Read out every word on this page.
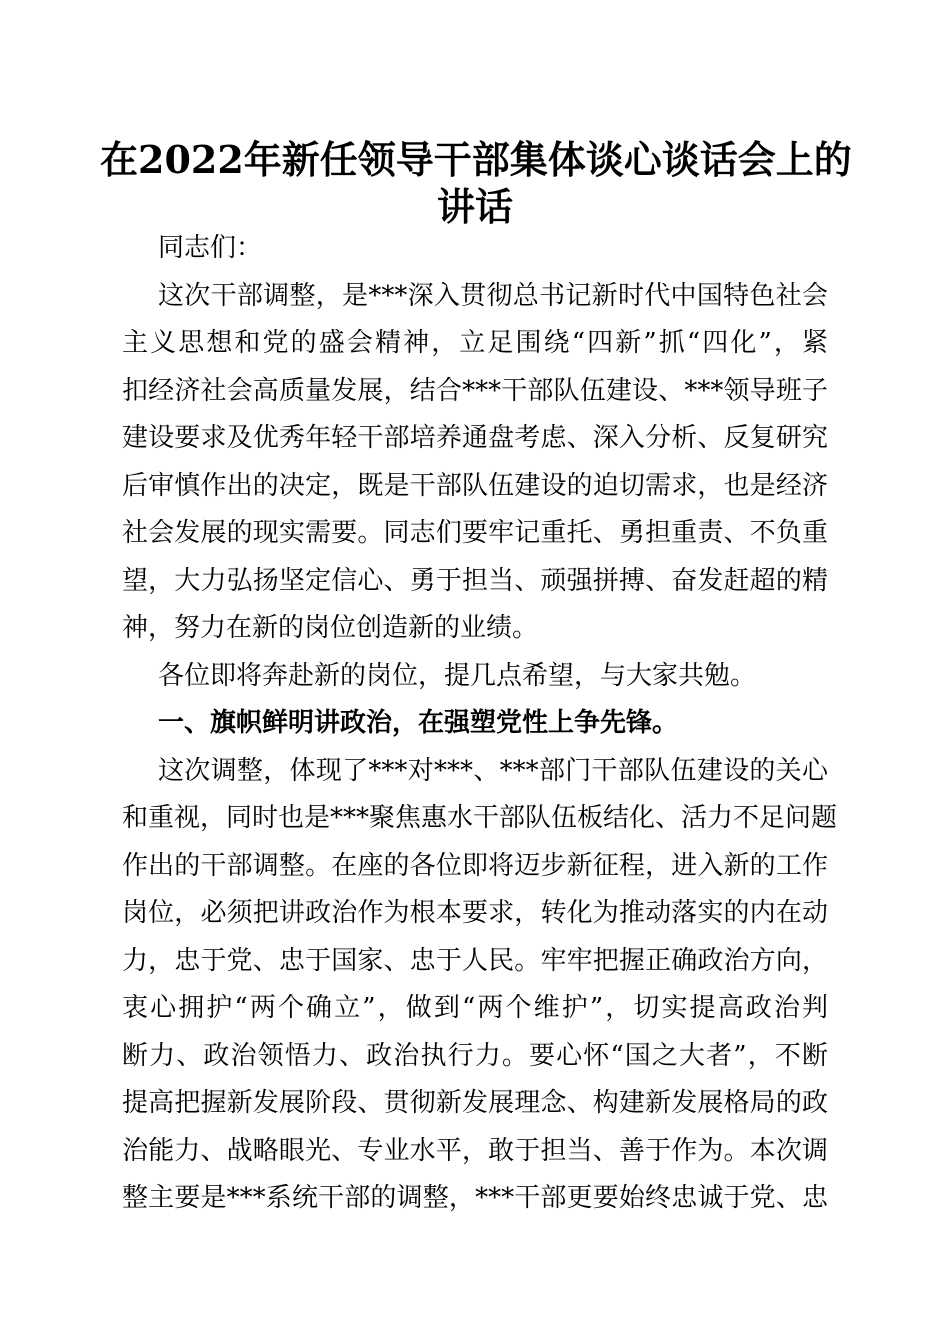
在2022年新任领导干部集体谈心谈话会上的
讲话
同志们：
这次干部调整，是***深入贯彻总书记新时代中国特色社会
主义思想和党的盛会精神，立足围绕“四新”抓“四化”，紧
扣经济社会高质量发展，结合***干部队伍建设、***领导班子
建设要求及优秀年轻干部培养通盘考虑、深入分析、反复研究
后审慎作出的决定，既是干部队伍建设的迫切需求，也是经济
社会发展的现实需要。同志们要牢记重托、勇担重责、不负重
望，大力弘扬坚定信心、勇于担当、顽强拼搏、奋发赶超的精
神，努力在新的岗位创造新的业绩。
各位即将奔赴新的岗位，提几点希望，与大家共勉。
一、旗帜鲜明讲政治，在强塑党性上争先锋。
这次调整，体现了***对***、***部门干部队伍建设的关心
和重视，同时也是***聚焦惠水干部队伍板结化、活力不足问题
作出的干部调整。在座的各位即将迈步新征程，进入新的工作
岗位，必须把讲政治作为根本要求，转化为推动落实的内在动
力，忠于党、忠于国家、忠于人民。牢牢把握正确政治方向，
衷心拥护“两个确立”，做到“两个维护”，切实提高政治判
断力、政治领悟力、政治执行力。要心怀“国之大者”，不断
提高把握新发展阶段、贯彻新发展理念、构建新发展格局的政
治能力、战略眼光、专业水平，敢于担当、善于作为。本次调
整主要是***系统干部的调整，***干部更要始终忠诚于党、忠
